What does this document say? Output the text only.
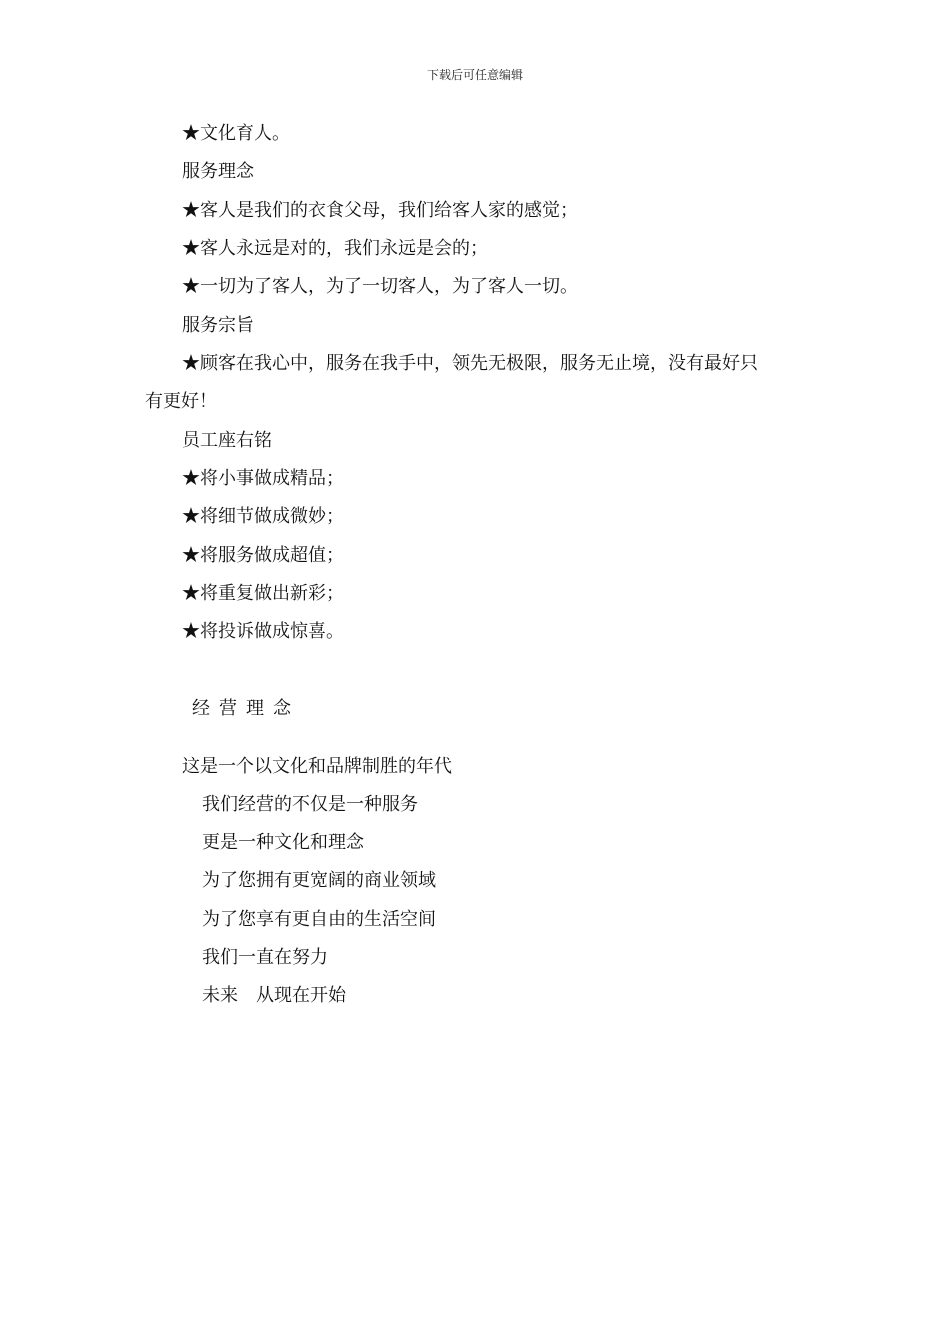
下载后可任意编辑
★文化育人。
服务理念
★客人是我们的衣食父母，我们给客人家的感觉；
★客人永远是对的，我们永远是会的；
★一切为了客人，为了一切客人，为了客人一切。
服务宗旨
★顾客在我心中，服务在我手中，领先无极限，服务无止境，没有最好只
有更好！
员工座右铭
★将小事做成精品；
★将细节做成微妙；
★将服务做成超值；
★将重复做出新彩；
★将投诉做成惊喜。
经营理念
这是一个以文化和品牌制胜的年代
我们经营的不仅是一种服务
更是一种文化和理念
为了您拥有更宽阔的商业领域
为了您享有更自由的生活空间
我们一直在努力
未来　从现在开始
